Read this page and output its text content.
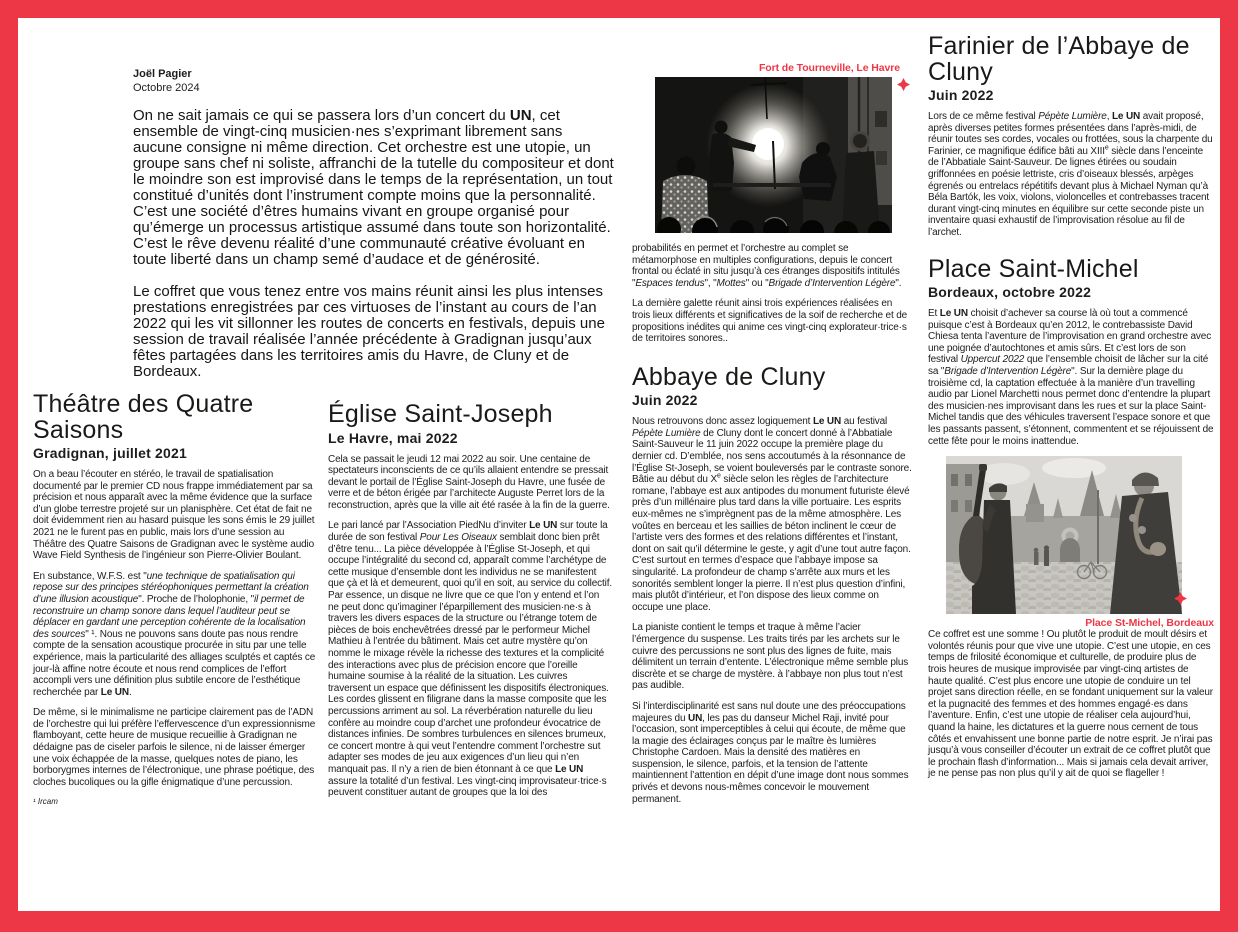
Joël Pagier
Octobre 2024

On ne sait jamais ce qui se passera lors d’un concert du UN, cet ensemble de vingt-cinq musicien·nes s’exprimant librement sans aucune consigne ni même direction. Cet orchestre est une utopie, un groupe sans chef ni soliste, affranchi de la tutelle du compositeur et dont le moindre son est improvisé dans le temps de la représentation, un tout constitué d’unités dont l’instrument compte moins que la personnalité. C’est une société d’êtres humains vivant en groupe organisé pour qu’émerge un processus artistique assumé dans toute son horizontalité. C’est le rêve devenu réalité d’une communauté créative évoluant en toute liberté dans un champ semé d’audace et de générosité.

Le coffret que vous tenez entre vos mains réunit ainsi les plus intenses prestations enregistrées par ces virtuoses de l’instant au cours de l’an 2022 qui les vit sillonner les routes de concerts en festivals, depuis une session de travail réalisée l’année précédente à Gradignan jusqu’aux fêtes partagées dans les territoires amis du Havre, de Cluny et de Bordeaux.

Théâtre des Quatre Saisons
Gradignan, juillet 2021

On a beau l’écouter en stéréo, le travail de spatialisation documenté par le premier CD nous frappe immédiatement par sa précision et nous apparaît avec la même évidence que la surface d’un globe terrestre projeté sur un planisphère. Cet état de fait ne doit évidemment rien au hasard puisque les sons émis le 29 juillet 2021 ne le furent pas en public, mais lors d’une session au Théâtre des Quatre Saisons de Gradignan avec le système audio Wave Field Synthesis de l’ingénieur son Pierre-Olivier Boulant.

En substance, W.F.S. est "une technique de spatialisation qui repose sur des principes stéréophoniques permettant la création d’une illusion acoustique". Proche de l’holophonie, "il permet de reconstruire un champ sonore dans lequel l’auditeur peut se déplacer en gardant une perception cohérente de la localisation des sources" ¹. Nous ne pouvons sans doute pas nous rendre compte de la sensation acoustique procurée in situ par une telle expérience, mais la particularité des alliages sculptés et captés ce jour-là affine notre écoute et nous rend complices de l’effort accompli vers une définition plus subtile encore de l’esthétique recherchée par Le UN.

De même, si le minimalisme ne participe clairement pas de l’ADN de l’orchestre qui lui préfère l’effervescence d’un expressionnisme flamboyant, cette heure de musique recueillie à Gradignan ne dédaigne pas de ciseler parfois le silence, ni de laisser émerger une voix échappée de la masse, quelques notes de piano, les borborygmes internes de l’électronique, une phrase poétique, des cloches bucoliques ou la gifle énigmatique d’une percussion.

¹ Ircam

Église Saint-Joseph
Le Havre, mai 2022

Cela se passait le jeudi 12 mai 2022 au soir. Une centaine de spectateurs inconscients de ce qu’ils allaient entendre se pressait devant le portail de l’Église Saint-Joseph du Havre, une fusée de verre et de béton érigée par l’architecte Auguste Perret lors de la reconstruction, après que la ville ait été rasée à la fin de la guerre.

Le pari lancé par l’Association PiedNu d’inviter Le UN sur toute la durée de son festival Pour Les Oiseaux semblait donc bien prêt d’être tenu... La pièce développée à l’Église St-Joseph, et qui occupe l’intégralité du second cd, apparaît comme l’archétype de cette musique d’ensemble dont les individus ne se manifestent que çà et là et demeurent, quoi qu’il en soit, au service du collectif. Par essence, un disque ne livre que ce que l’on y entend et l’on ne peut donc qu’imaginer l’éparpillement des musicien·ne·s à travers les divers espaces de la structure ou l’étrange totem de pièces de bois enchevêtrées dressé par le performeur Michel Mathieu à l’entrée du bâtiment. Mais cet autre mystère qu’on nomme le mixage révèle la richesse des textures et la complicité des interactions avec plus de précision encore que l’oreille humaine soumise à la réalité de la situation. Les cuivres traversent un espace que définissent les dispositifs électroniques. Les cordes glissent en filigrane dans la masse composite que les percussions arriment au sol. La réverbération naturelle du lieu confère au moindre coup d’archet une profondeur évocatrice de distances infinies. De sombres turbulences en silences brumeux, ce concert montre à qui veut l’entendre comment l’orchestre sut adapter ses modes de jeu aux exigences d’un lieu qui n’en manquait pas. Il n’y a rien de bien étonnant à ce que Le UN assure la totalité d’un festival. Les vingt-cinq improvisateur·trice·s peuvent constituer autant de groupes que la loi des

Fort de Tourneville, Le Havre

probabilités en permet et l’orchestre au complet se métamorphose en multiples configurations, depuis le concert frontal ou éclaté in situ jusqu’à ces étranges dispositifs intitulés "Espaces tendus", "Mottes" ou "Brigade d’Intervention Légère".

La dernière galette réunit ainsi trois expériences réalisées en trois lieux différents et significatives de la soif de recherche et de propositions inédites qui anime ces vingt-cinq explorateur·trice·s de territoires sonores..

Abbaye de Cluny
Juin 2022

Nous retrouvons donc assez logiquement Le UN au festival Pépète Lumière de Cluny dont le concert donné à l’Abbatiale Saint-Sauveur le 11 juin 2022 occupe la première plage du dernier cd. D’emblée, nos sens accoutumés à la résonnance de l’Église St-Joseph, se voient bouleversés par le contraste sonore. Bâtie au début du Xe siècle selon les règles de l’architecture romane, l’abbaye est aux antipodes du monument futuriste élevé près d’un millénaire plus tard dans la ville portuaire. Les esprits eux-mêmes ne s’imprègnent pas de la même atmosphère. Les voûtes en berceau et les saillies de béton inclinent le cœur de l’artiste vers des formes et des relations différentes et l’instant, dont on sait qu’il détermine le geste, y agit d’une tout autre façon. C’est surtout en termes d’espace que l’abbaye impose sa singularité. La profondeur de champ s’arrête aux murs et les sonorités semblent longer la pierre. Il n’est plus question d’infini, mais plutôt d’intérieur, et l’on dispose des lieux comme on occupe une place.

La pianiste contient le temps et traque à même l’acier l’émergence du suspense. Les traits tirés par les archets sur le cuivre des percussions ne sont plus des lignes de fuite, mais délimitent un terrain d’entente. L’électronique même semble plus discrète et se charge de mystère. à l’abbaye non plus tout n’est pas audible.

Si l’interdisciplinarité est sans nul doute une des préoccupations majeures du UN, les pas du danseur Michel Raji, invité pour l’occasion, sont imperceptibles à celui qui écoute, de même que la magie des éclairages conçus par le maître ès lumières Christophe Cardoen. Mais la densité des matières en suspension, le silence, parfois, et la tension de l’attente maintiennent l’attention en dépit d’une image dont nous sommes privés et devons nous-mêmes concevoir le mouvement permanent.

Farinier de l’Abbaye de Cluny
Juin 2022

Lors de ce même festival Pépète Lumière, Le UN avait proposé, après diverses petites formes présentées dans l’après-midi, de réunir toutes ses cordes, vocales ou frottées, sous la charpente du Farinier, ce magnifique édifice bâti au XIIIe siècle dans l’enceinte de l’Abbatiale Saint-Sauveur. De lignes étirées ou soudain griffonnées en poésie lettriste, cris d’oiseaux blessés, arpèges égrenés ou entrelacs répétitifs devant plus à Michael Nyman qu’à Béla Bartók, les voix, violons, violoncelles et contrebasses tracent durant vingt-cinq minutes en équilibre sur cette seconde piste un inventaire quasi exhaustif de l’improvisation résolue au fil de l’archet.

Place Saint-Michel
Bordeaux, octobre 2022

Et Le UN choisit d’achever sa course là où tout a commencé puisque c’est à Bordeaux qu’en 2012, le contrebassiste David Chiesa tenta l’aventure de l’improvisation en grand orchestre avec une poignée d’autochtones et amis sûrs. Et c’est lors de son festival Uppercut 2022 que l’ensemble choisit de lâcher sur la cité sa "Brigade d’Intervention Légère". Sur la dernière plage du troisième cd, la captation effectuée à la manière d’un travelling audio par Lionel Marchetti nous permet donc d’entendre la plupart des musicien·nes improvisant dans les rues et sur la place Saint-Michel tandis que des véhicules traversent l’espace sonore et que les passants passent, s’étonnent, commentent et se réjouissent de cette fête pour le moins inattendue.

Place St-Michel, Bordeaux

Ce coffret est une somme ! Ou plutôt le produit de moult désirs et volontés réunis pour que vive une utopie. C’est une utopie, en ces temps de frilosité économique et culturelle, de produire plus de trois heures de musique improvisée par vingt-cinq artistes de haute qualité. C’est plus encore une utopie de conduire un tel projet sans direction réelle, en se fondant uniquement sur la valeur et la pugnacité des femmes et des hommes engagé·es dans l’aventure. Enfin, c’est une utopie de réaliser cela aujourd’hui, quand la haine, les dictatures et la guerre nous cernent de tous côtés et envahissent une bonne partie de notre esprit. Je n’irai pas jusqu’à vous conseiller d’écouter un extrait de ce coffret plutôt que le prochain flash d’information... Mais si jamais cela devait arriver, je ne pense pas non plus qu’il y ait de quoi se flageller !
